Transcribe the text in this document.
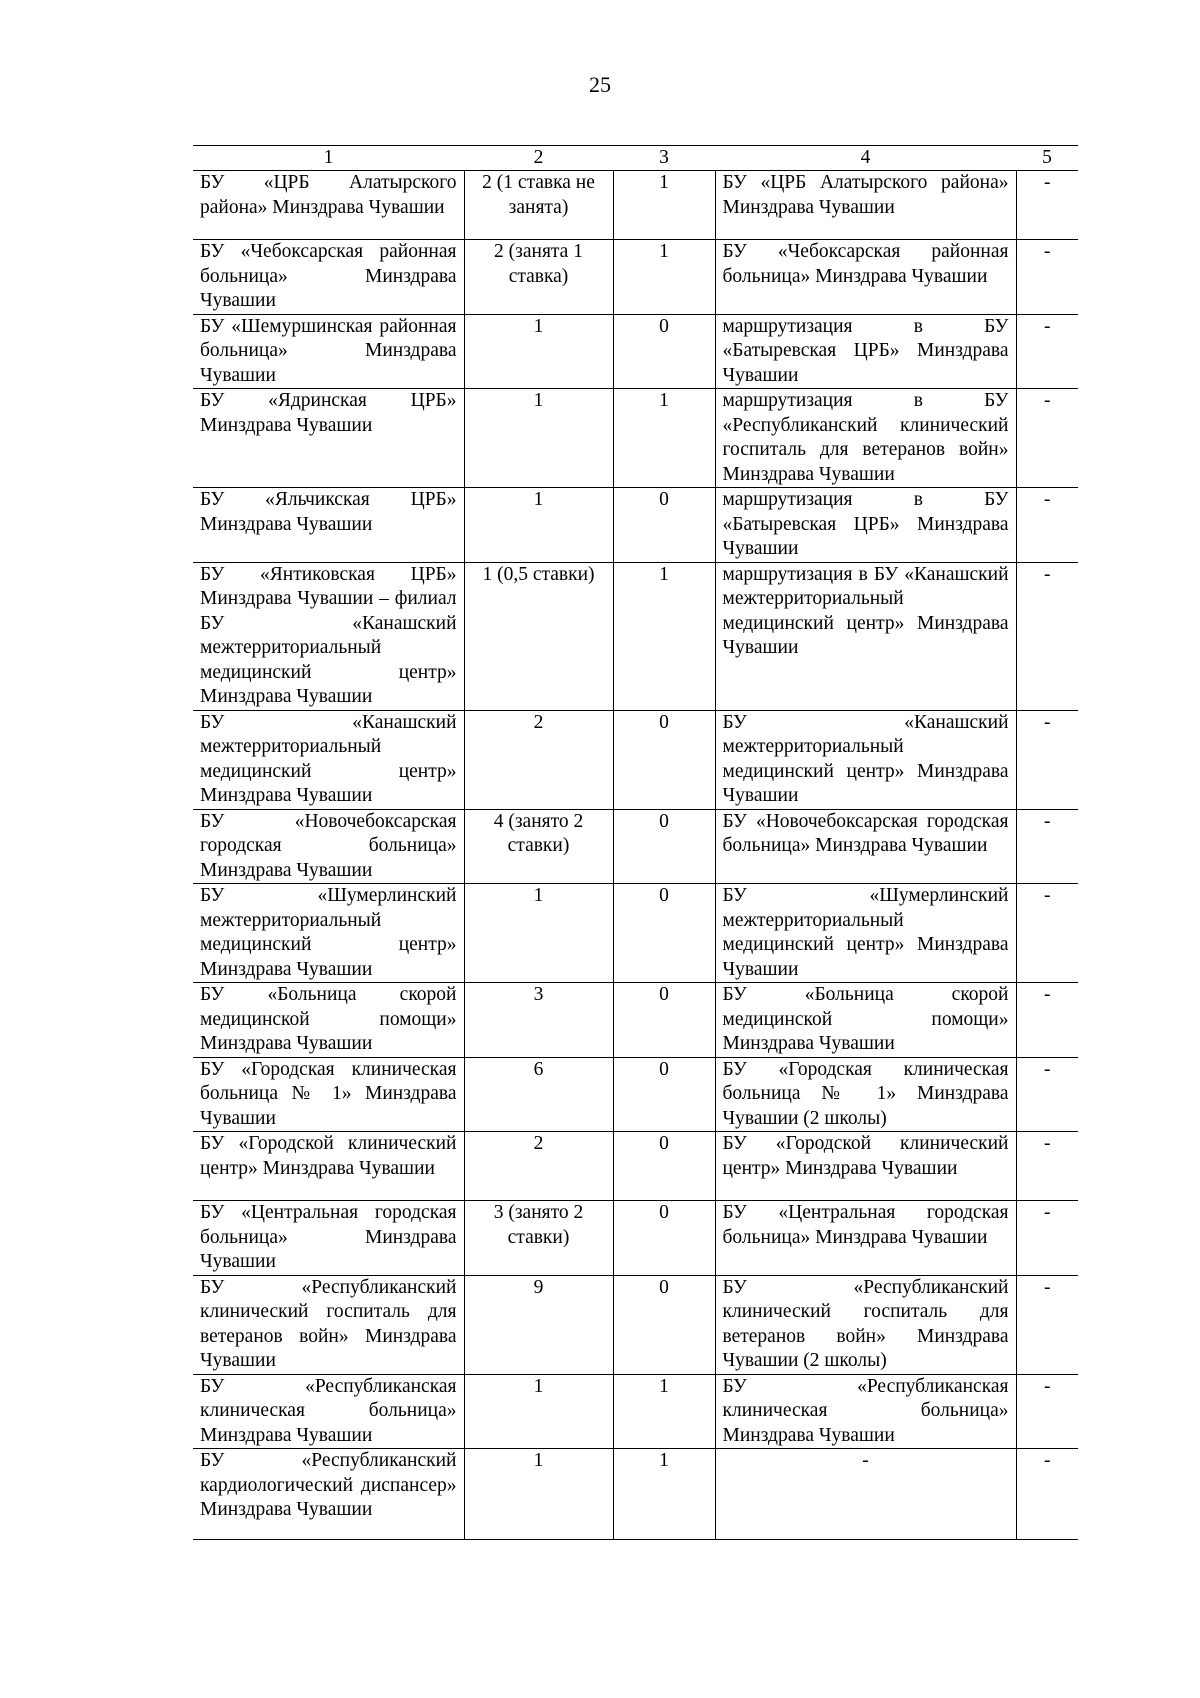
25
1	2	3	4	5
БУ «ЦРБ Алатырского района» Минздрава Чувашии	2 (1 ставка не занята)	1	БУ «ЦРБ Алатырского района» Минздрава Чувашии	-
БУ «Чебоксарская районная больница» Минздрава Чувашии	2 (занята 1 ставка)	1	БУ «Чебоксарская районная больница» Минздрава Чувашии	-
БУ «Шемуршинская районная больница» Минздрава Чувашии	1	0	маршрутизация в БУ «Батыревская ЦРБ» Минздрава Чувашии	-
БУ «Ядринская ЦРБ» Минздрава Чувашии	1	1	маршрутизация в БУ «Республиканский клинический госпиталь для ветеранов войн» Минздрава Чувашии	-
БУ «Яльчикская ЦРБ» Минздрава Чувашии	1	0	маршрутизация в БУ «Батыревская ЦРБ» Минздрава Чувашии	-
БУ «Янтиковская ЦРБ» Минздрава Чувашии – филиал БУ «Канашский межтерриториальный медицинский центр» Минздрава Чувашии	1 (0,5 ставки)	1	маршрутизация в БУ «Канашский межтерриториальный медицинский центр» Минздрава Чувашии	-
БУ «Канашский межтерриториальный медицинский центр» Минздрава Чувашии	2	0	БУ «Канашский межтерриториальный медицинский центр» Минздрава Чувашии	-
БУ «Новочебоксарская городская больница» Минздрава Чувашии	4 (занято 2 ставки)	0	БУ «Новочебоксарская городская больница» Минздрава Чувашии	-
БУ «Шумерлинский межтерриториальный медицинский центр» Минздрава Чувашии	1	0	БУ «Шумерлинский межтерриториальный медицинский центр» Минздрава Чувашии	-
БУ «Больница скорой медицинской помощи» Минздрава Чувашии	3	0	БУ «Больница скорой медицинской помощи» Минздрава Чувашии	-
БУ «Городская клиническая больница № 1» Минздрава Чувашии	6	0	БУ «Городская клиническая больница № 1» Минздрава Чувашии (2 школы)	-
БУ «Городской клинический центр» Минздрава Чувашии	2	0	БУ «Городской клинический центр» Минздрава Чувашии	-
БУ «Центральная городская больница» Минздрава Чувашии	3 (занято 2 ставки)	0	БУ «Центральная городская больница» Минздрава Чувашии	-
БУ «Республиканский клинический госпиталь для ветеранов войн» Минздрава Чувашии	9	0	БУ «Республиканский клинический госпиталь для ветеранов войн» Минздрава Чувашии (2 школы)	-
БУ «Республиканская клиническая больница» Минздрава Чувашии	1	1	БУ «Республиканская клиническая больница» Минздрава Чувашии	-
БУ «Республиканский кардиологический диспансер» Минздрава Чувашии	1	1	-	-
